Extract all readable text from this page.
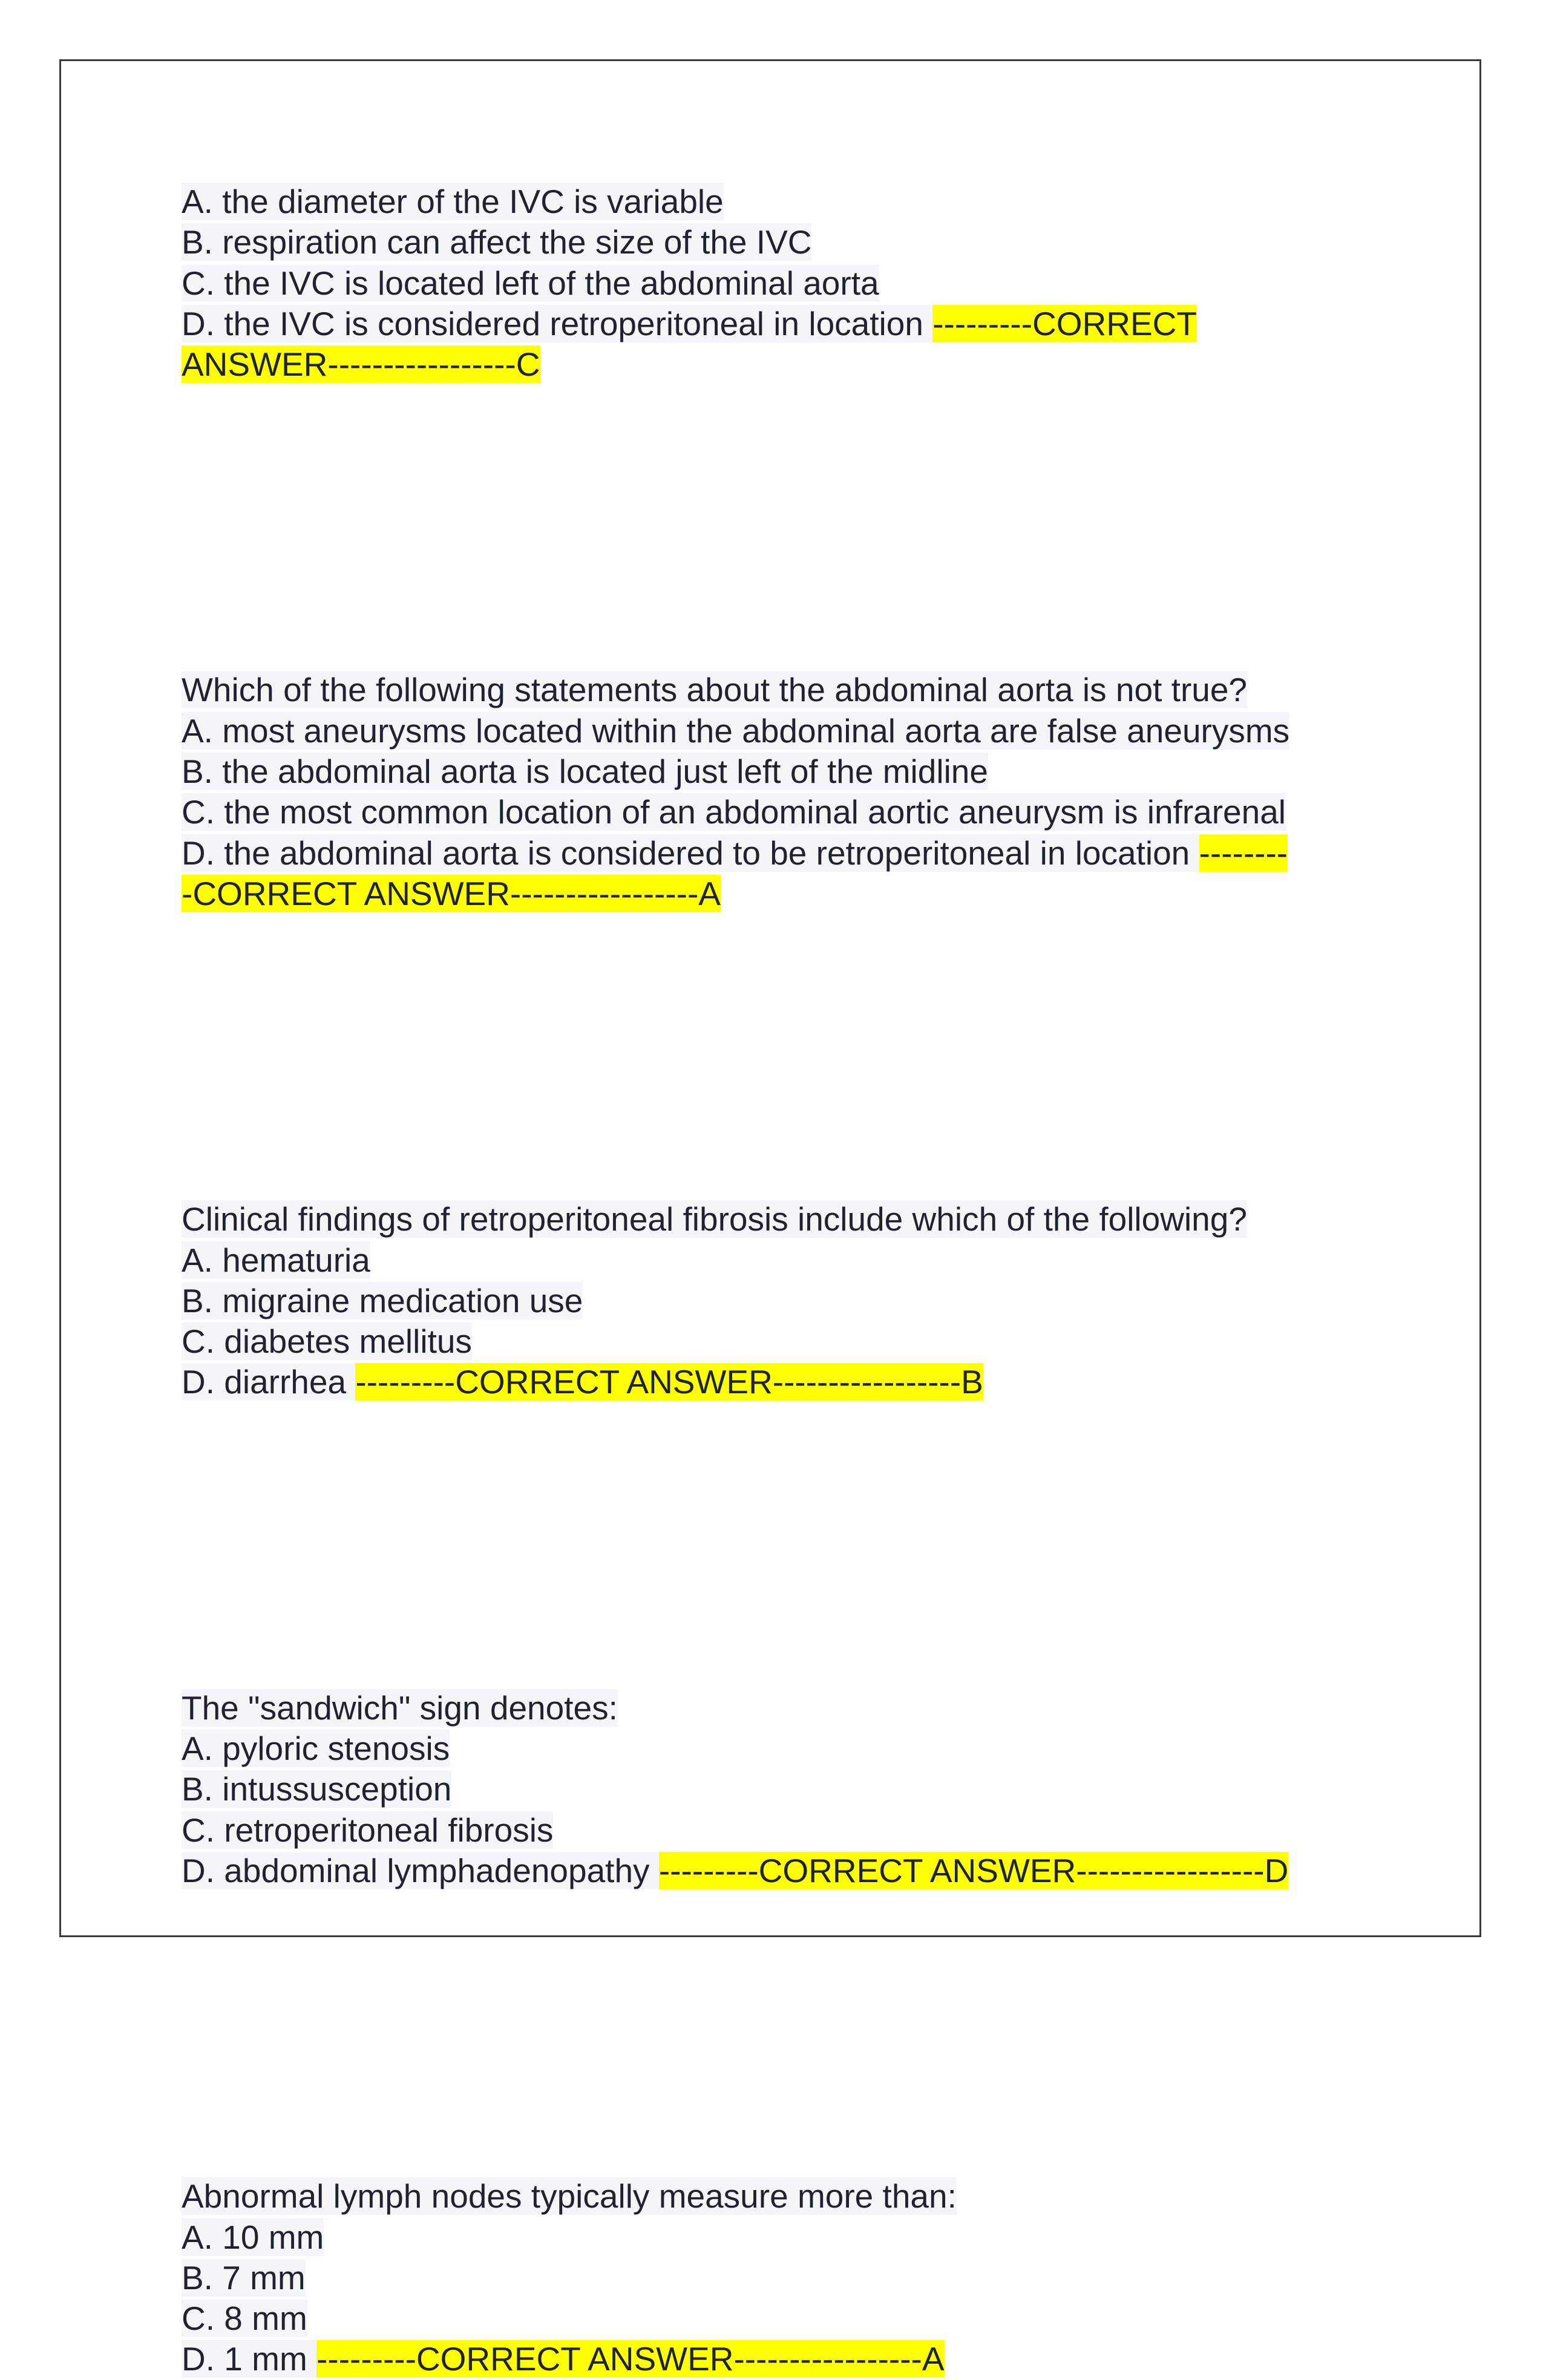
A. the diameter of the IVC is variable
B. respiration can affect the size of the IVC
C. the IVC is located left of the abdominal aorta
D. the IVC is considered retroperitoneal in location ---------CORRECT
ANSWER-----------------C
Which of the following statements about the abdominal aorta is not true?
A. most aneurysms located within the abdominal aorta are false aneurysms
B. the abdominal aorta is located just left of the midline
C. the most common location of an abdominal aortic aneurysm is infrarenal
D. the abdominal aorta is considered to be retroperitoneal in location --------
-CORRECT ANSWER-----------------A
Clinical findings of retroperitoneal fibrosis include which of the following?
A. hematuria
B. migraine medication use
C. diabetes mellitus
D. diarrhea ---------CORRECT ANSWER-----------------B
The "sandwich" sign denotes:
A. pyloric stenosis
B. intussusception
C. retroperitoneal fibrosis
D. abdominal lymphadenopathy ---------CORRECT ANSWER-----------------D
Abnormal lymph nodes typically measure more than:
A. 10 mm
B. 7 mm
C. 8 mm
D. 1 mm ---------CORRECT ANSWER-----------------A
